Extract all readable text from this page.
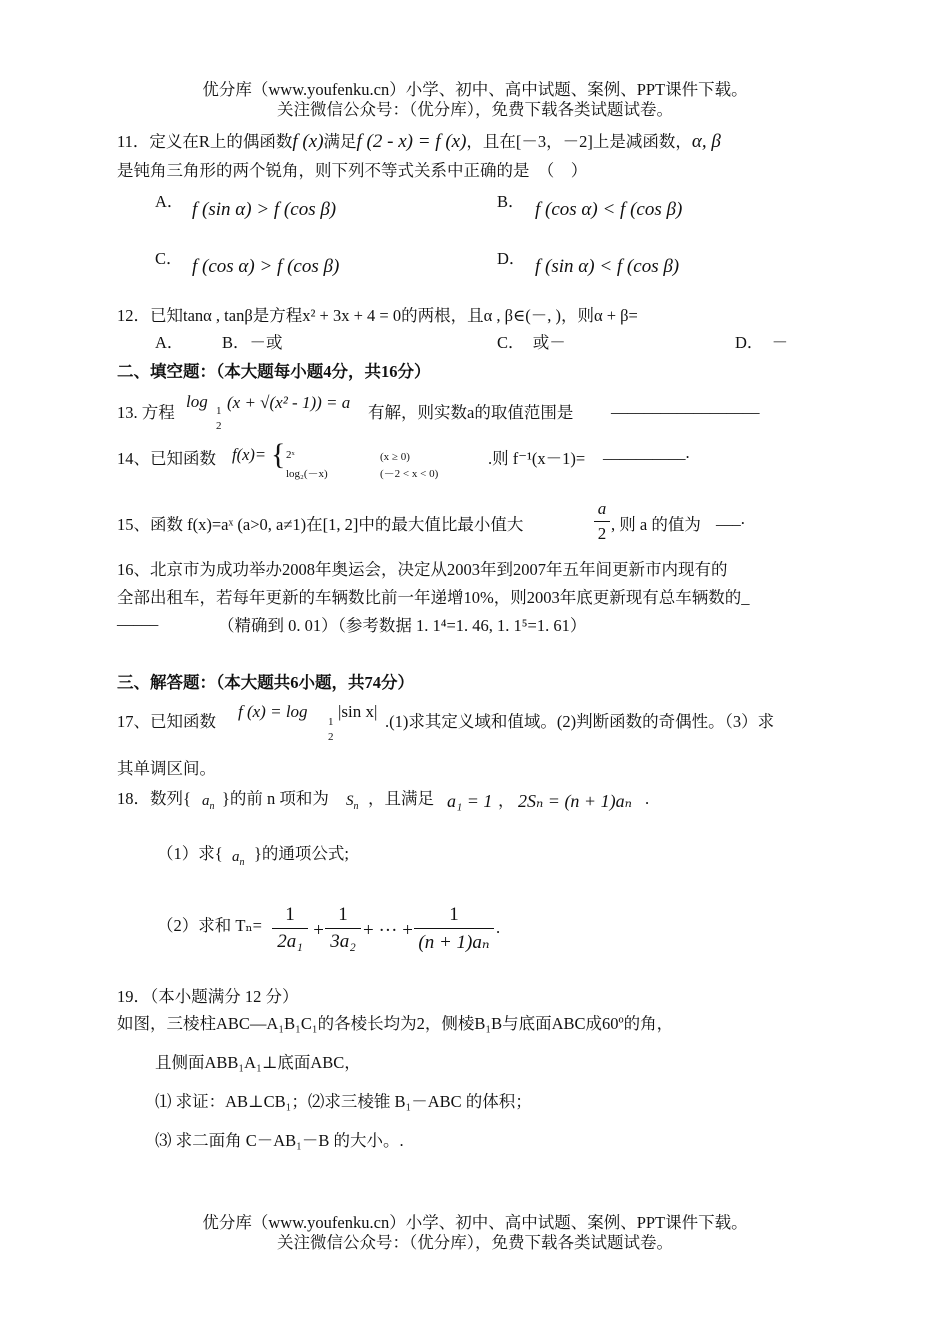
优分库（www.youfenku.cn）小学、初中、高中试题、案例、PPT课件下载。
关注微信公众号：（优分库），免费下载各类试题试卷。
11．定义在R上的偶函数f (x)满足f (2 - x) = f (x)，且在[－3，－2]上是减函数，α, β
是钝角三角形的两个锐角，则下列不等式关系中正确的是　（　）
A． f (sin α) > f (cos β)	B． f (cos α) < f (cos β)
C． f (cos α) > f (cos β)	D． f (sin α) < f (cos β)
12．已知tanα , tanβ是方程x² + 3x + 4 = 0的两根，且α , β∈(－, )，则α + β=
A． B．－或	C．　或－	D．　－
二、填空题：（本大题每小题4分，共16分）
13. 方程
log 1
2
(x + √(x² - 1)) = a
有解，则实数a的取值范围是 __________________
14、已知函数 f(x)= { 2ˣ	(x ≥ 0)
log₂(－x)	(－2 < x < 0)
.则 f⁻¹(x－1)= __________.
15、函数 f(x)=aˣ (a>0, a≠1)在[1, 2]中的最大值比最小值大
a
2 , 则 a 的值为 ___.
16、北京市为成功举办2008年奥运会，决定从2003年到2007年五年间更新市内现有的
全部出租车，若每年更新的车辆数比前一年递增10%，则2003年底更新现有总车辆数的_
_____	（精确到 0. 01）（参考数据 1. 1⁴=1. 46, 1. 1⁵=1. 61）
三、解答题：（本大题共6小题，共74分）
17、已知函数
f (x) = log
1
2
|sin x|
.(1)求其定义域和值域。(2)判断函数的奇偶性。（3）求
其单调区间。
18．数列{ $a_n$ }的前 n 项和为 $S_n$ ，且满足 a₁ = 1 ， 2Sₙ = (n + 1)aₙ .
（1）求{ $a_n$ }的通项公式;
（2）求和 Tₙ=
1
2a₁
+
1
3a₂
+ ··· +
1
(n + 1)aₙ
.
19．（本小题满分 12 分）
如图，三棱柱ABC—A₁B₁C₁的各棱长均为2，侧棱B₁B与底面ABC成60º的角，
且侧面ABB₁A₁⊥底面ABC，
⑴ 求证：AB⊥CB₁；⑵求三棱锥 B₁－ABC 的体积；
⑶ 求二面角 C－AB₁－B 的大小。.
优分库（www.youfenku.cn）小学、初中、高中试题、案例、PPT课件下载。
关注微信公众号：（优分库），免费下载各类试题试卷。
